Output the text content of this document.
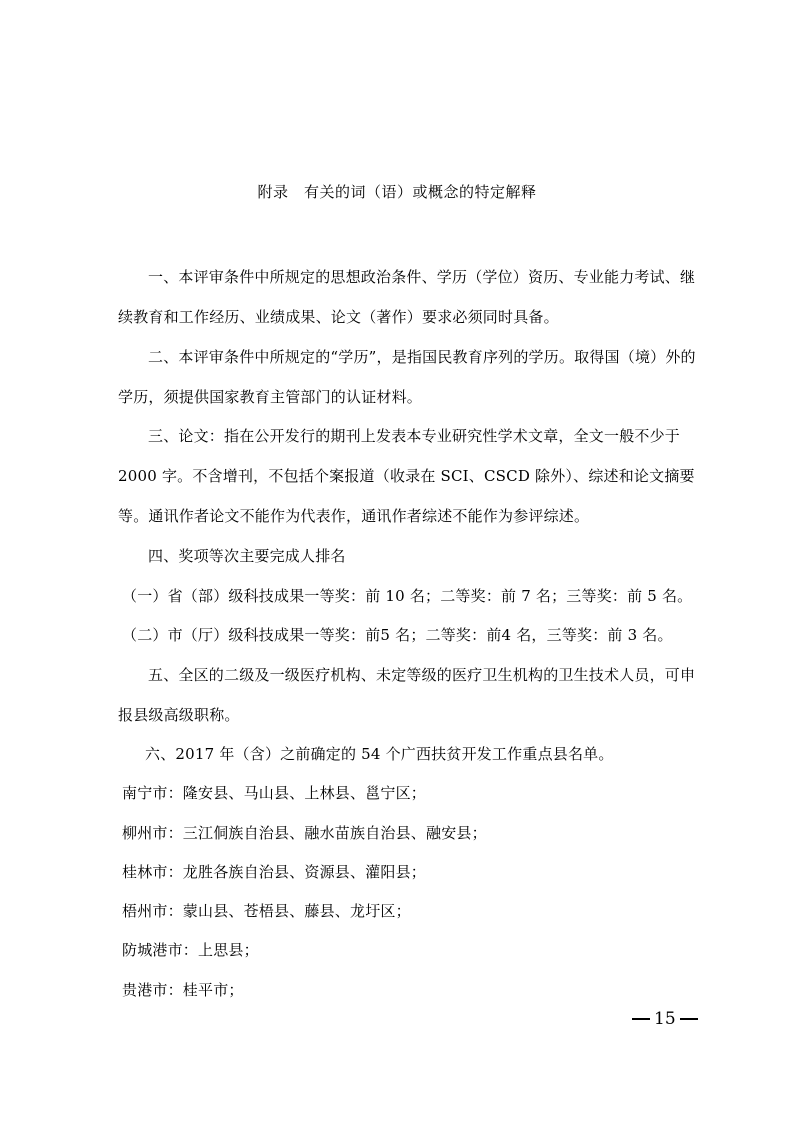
附录　有关的词（语）或概念的特定解释

一、本评审条件中所规定的思想政治条件、学历（学位）资历、专业能力考试、继续教育和工作经历、业绩成果、论文（著作）要求必须同时具备。

二、本评审条件中所规定的“学历”，是指国民教育序列的学历。取得国（境）外的学历，须提供国家教育主管部门的认证材料。

三、论文：指在公开发行的期刊上发表本专业研究性学术文章，全文一般不少于 2000 字。不含增刊，不包括个案报道（收录在 SCI、CSCD 除外）、综述和论文摘要等。通讯作者论文不能作为代表作，通讯作者综述不能作为参评综述。

四、奖项等次主要完成人排名

（一）省（部）级科技成果一等奖：前 10 名；二等奖：前 7 名；三等奖：前 5 名。

（二）市（厅）级科技成果一等奖：前5 名；二等奖：前4 名，三等奖：前 3 名。

五、全区的二级及一级医疗机构、未定等级的医疗卫生机构的卫生技术人员，可申报县级高级职称。

六、2017 年（含）之前确定的 54 个广西扶贫开发工作重点县名单。

南宁市：隆安县、马山县、上林县、邕宁区；

柳州市：三江侗族自治县、融水苗族自治县、融安县；

桂林市：龙胜各族自治县、资源县、灌阳县；

梧州市：蒙山县、苍梧县、藤县、龙圩区；

防城港市：上思县；

贵港市：桂平市；

15
